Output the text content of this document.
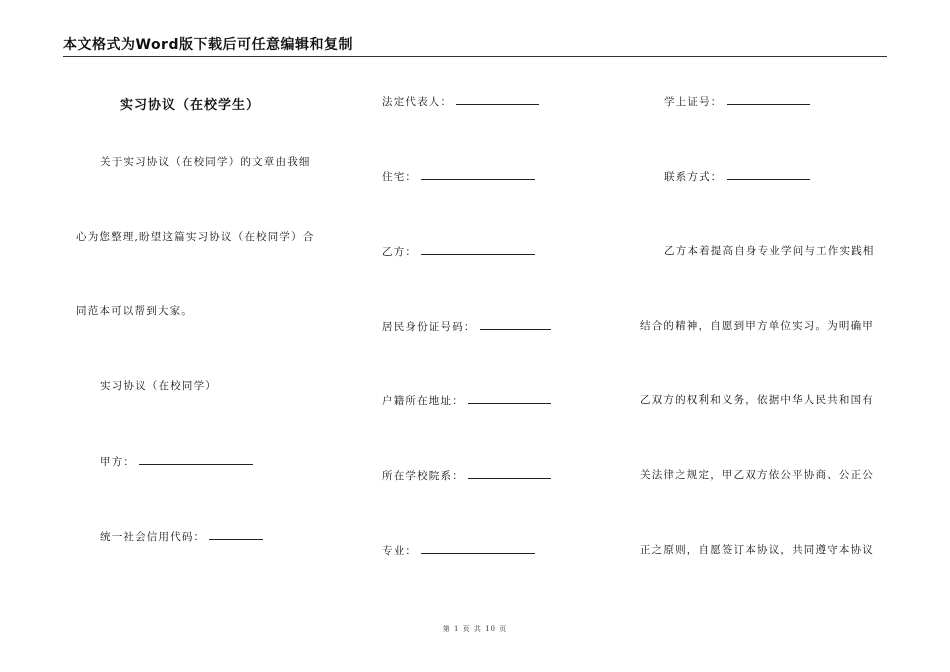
本文格式为Word版下载后可任意编辑和复制
实习协议（在校学生）
关于实习协议（在校同学）的文章由我细
心为您整理,盼望这篇实习协议（在校同学）合
同范本可以帮到大家。
实习协议（在校同学）
甲方：
统一社会信用代码：
法定代表人：
住宅：
乙方：
居民身份证号码：
户籍所在地址：
所在学校院系：
专业：
学上证号：
联系方式：
乙方本着提高自身专业学问与工作实践相
结合的精神，自愿到甲方单位实习。为明确甲
乙双方的权利和义务，依据中华人民共和国有
关法律之规定，甲乙双方依公平协商、公正公
正之原则，自愿签订本协议，共同遵守本协议
第 1 页 共 10 页
